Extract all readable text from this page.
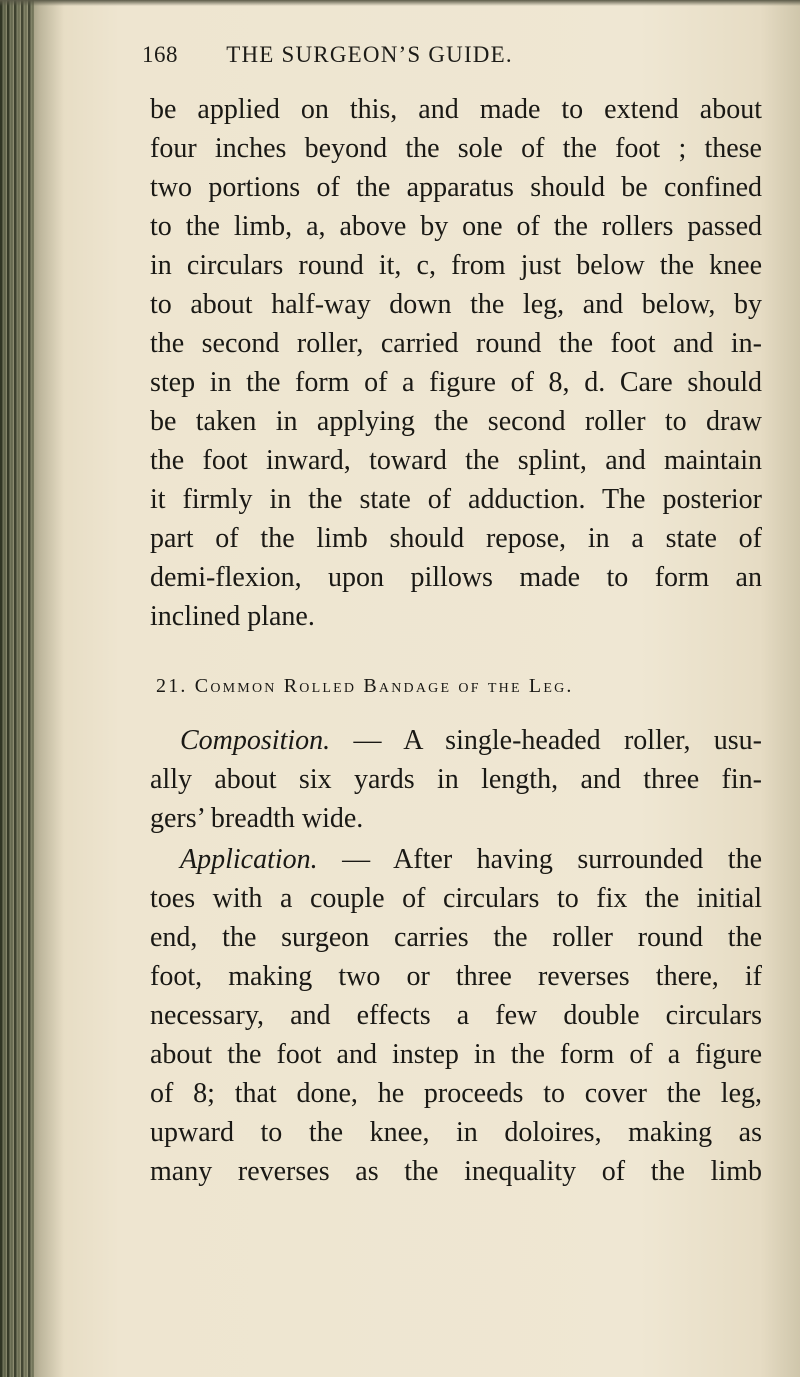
168 THE SURGEON’S GUIDE.
be applied on this, and made to extend about
four inches beyond the sole of the foot ; these
two portions of the apparatus should be confined
to the limb, a, above by one of the rollers passed
in circulars round it, c, from just below the knee
to about half-way down the leg, and below, by
the second roller, carried round the foot and in-
step in the form of a figure of 8, d. Care should
be taken in applying the second roller to draw
the foot inward, toward the splint, and maintain
it firmly in the state of adduction. The posterior
part of the limb should repose, in a state of
demi-flexion, upon pillows made to form an
inclined plane.
21. Common Rolled Bandage of the Leg.
Composition. — A single-headed roller, usu-
ally about six yards in length, and three fin-
gers’ breadth wide.
Application. — After having surrounded the
toes with a couple of circulars to fix the initial
end, the surgeon carries the roller round the
foot, making two or three reverses there, if
necessary, and effects a few double circulars
about the foot and instep in the form of a figure
of 8; that done, he proceeds to cover the leg,
upward to the knee, in doloires, making as
many reverses as the inequality of the limb
